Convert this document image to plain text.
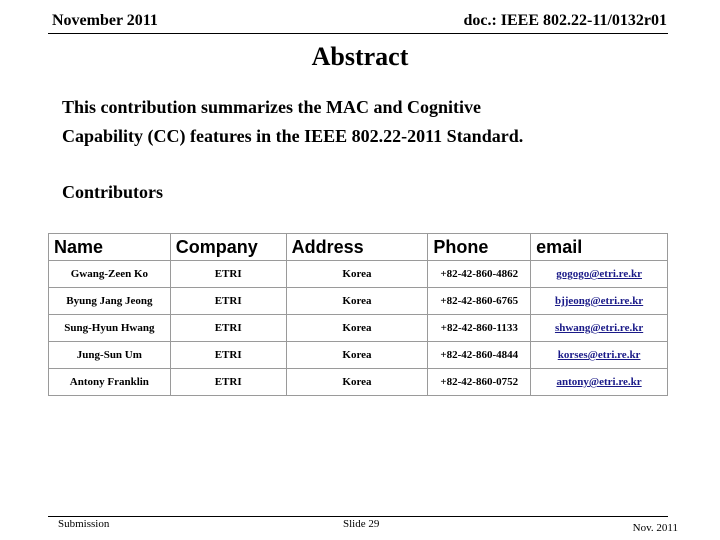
November 2011	doc.: IEEE 802.22-11/0132r01
Abstract
This contribution summarizes the MAC and Cognitive
Capability (CC) features in the IEEE 802.22-2011 Standard.
Contributors
Name	Company	Address	Phone	email
Gwang-Zeen Ko	ETRI	Korea	+82-42-860-4862	gogogo@etri.re.kr
Byung Jang Jeong	ETRI	Korea	+82-42-860-6765	bjjeong@etri.re.kr
Sung-Hyun Hwang	ETRI	Korea	+82-42-860-1133	shwang@etri.re.kr
Jung-Sun Um	ETRI	Korea	+82-42-860-4844	korses@etri.re.kr
Antony Franklin	ETRI	Korea	+82-42-860-0752	antony@etri.re.kr
Submission	Slide 29	Nov. 2011
